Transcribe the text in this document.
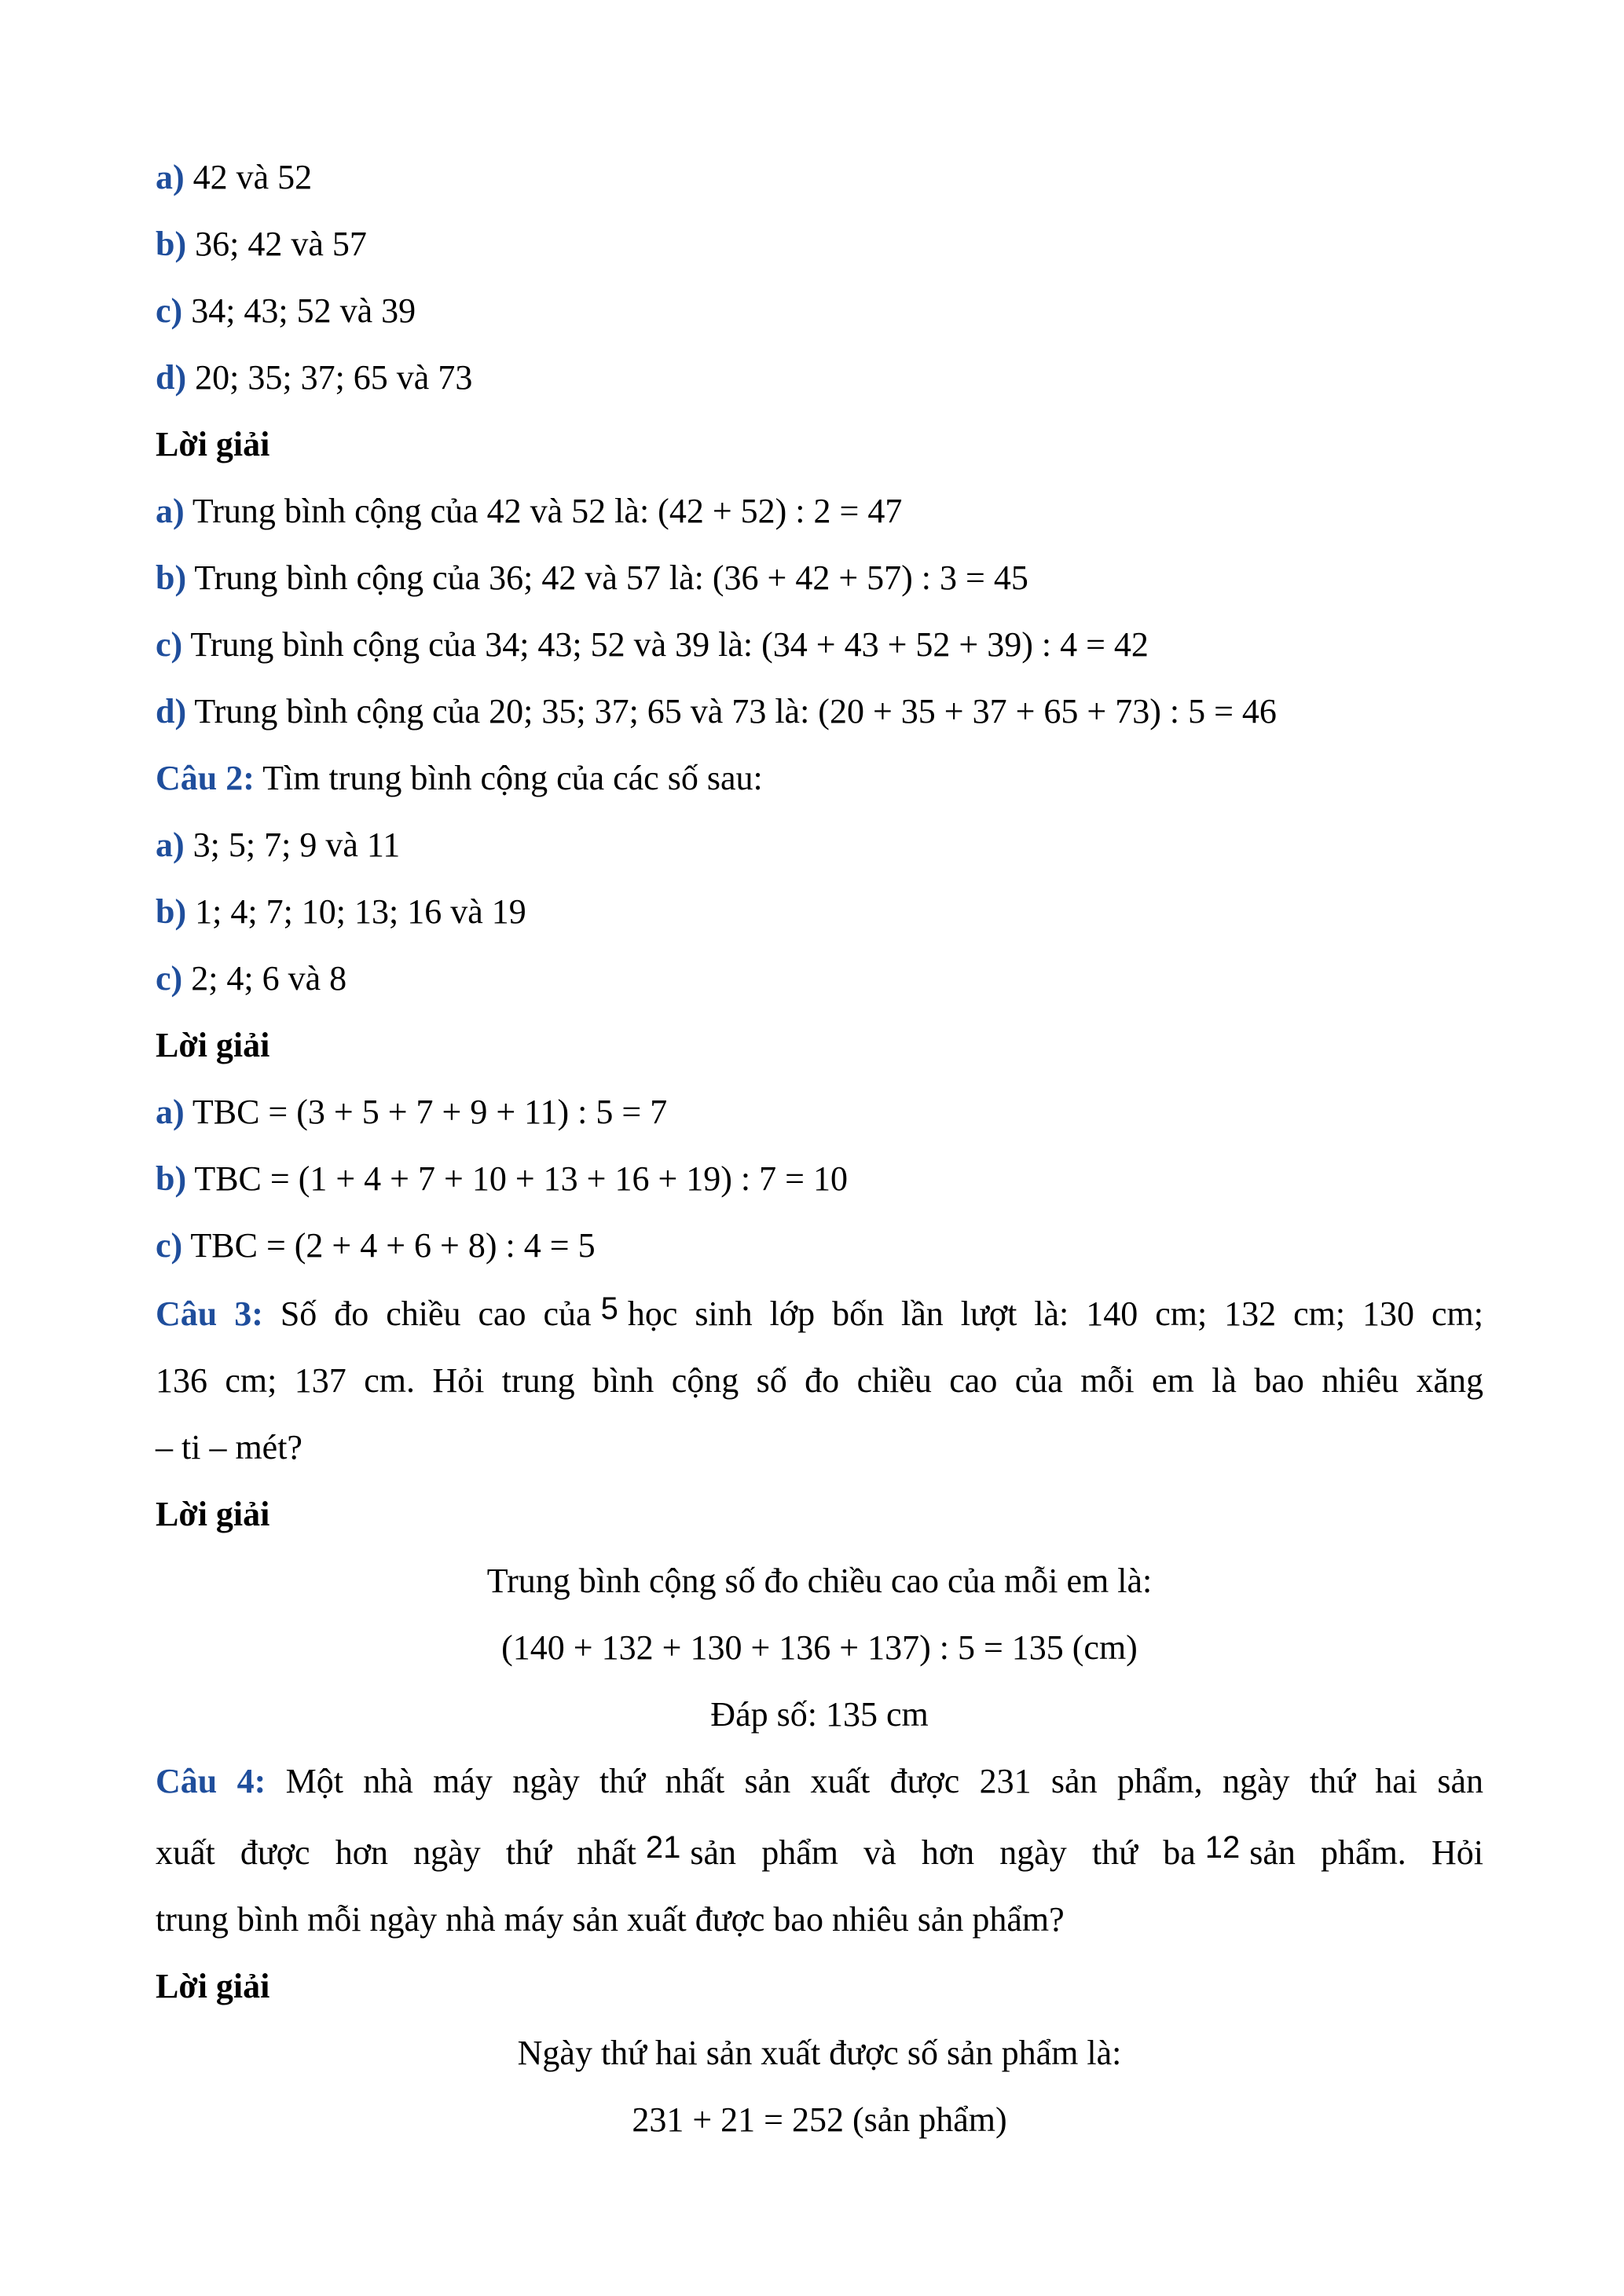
a) 42 và 52
b) 36; 42 và 57
c) 34; 43; 52 và 39
d) 20; 35; 37; 65 và 73
Lời giải
a) Trung bình cộng của 42 và 52 là: (42 + 52) : 2 = 47
b) Trung bình cộng của 36; 42 và 57 là: (36 + 42 + 57) : 3 = 45
c) Trung bình cộng của 34; 43; 52 và 39 là: (34 + 43 + 52 + 39) : 4 = 42
d) Trung bình cộng của 20; 35; 37; 65 và 73 là: (20 + 35 + 37 + 65 + 73) : 5 = 46
Câu 2: Tìm trung bình cộng của các số sau:
a) 3; 5; 7; 9 và 11
b) 1; 4; 7; 10; 13; 16 và 19
c) 2; 4; 6 và 8
Lời giải
a) TBC = (3 + 5 + 7 + 9 + 11) : 5 = 7
b) TBC = (1 + 4 + 7 + 10 + 13 + 16 + 19) : 7 = 10
c) TBC = (2 + 4 + 6 + 8) : 4 = 5
Câu 3: Số đo chiều cao của 5 học sinh lớp bốn lần lượt là: 140 cm; 132 cm; 130 cm;
136 cm; 137 cm. Hỏi trung bình cộng số đo chiều cao của mỗi em là bao nhiêu xăng
– ti – mét?
Lời giải
Trung bình cộng số đo chiều cao của mỗi em là:
(140 + 132 + 130 + 136 + 137) : 5 = 135 (cm)
Đáp số: 135 cm
Câu 4: Một nhà máy ngày thứ nhất sản xuất được 231 sản phẩm, ngày thứ hai sản
xuất được hơn ngày thứ nhất 21 sản phẩm và hơn ngày thứ ba 12 sản phẩm. Hỏi
trung bình mỗi ngày nhà máy sản xuất được bao nhiêu sản phẩm?
Lời giải
Ngày thứ hai sản xuất được số sản phẩm là:
231 + 21 = 252 (sản phẩm)
